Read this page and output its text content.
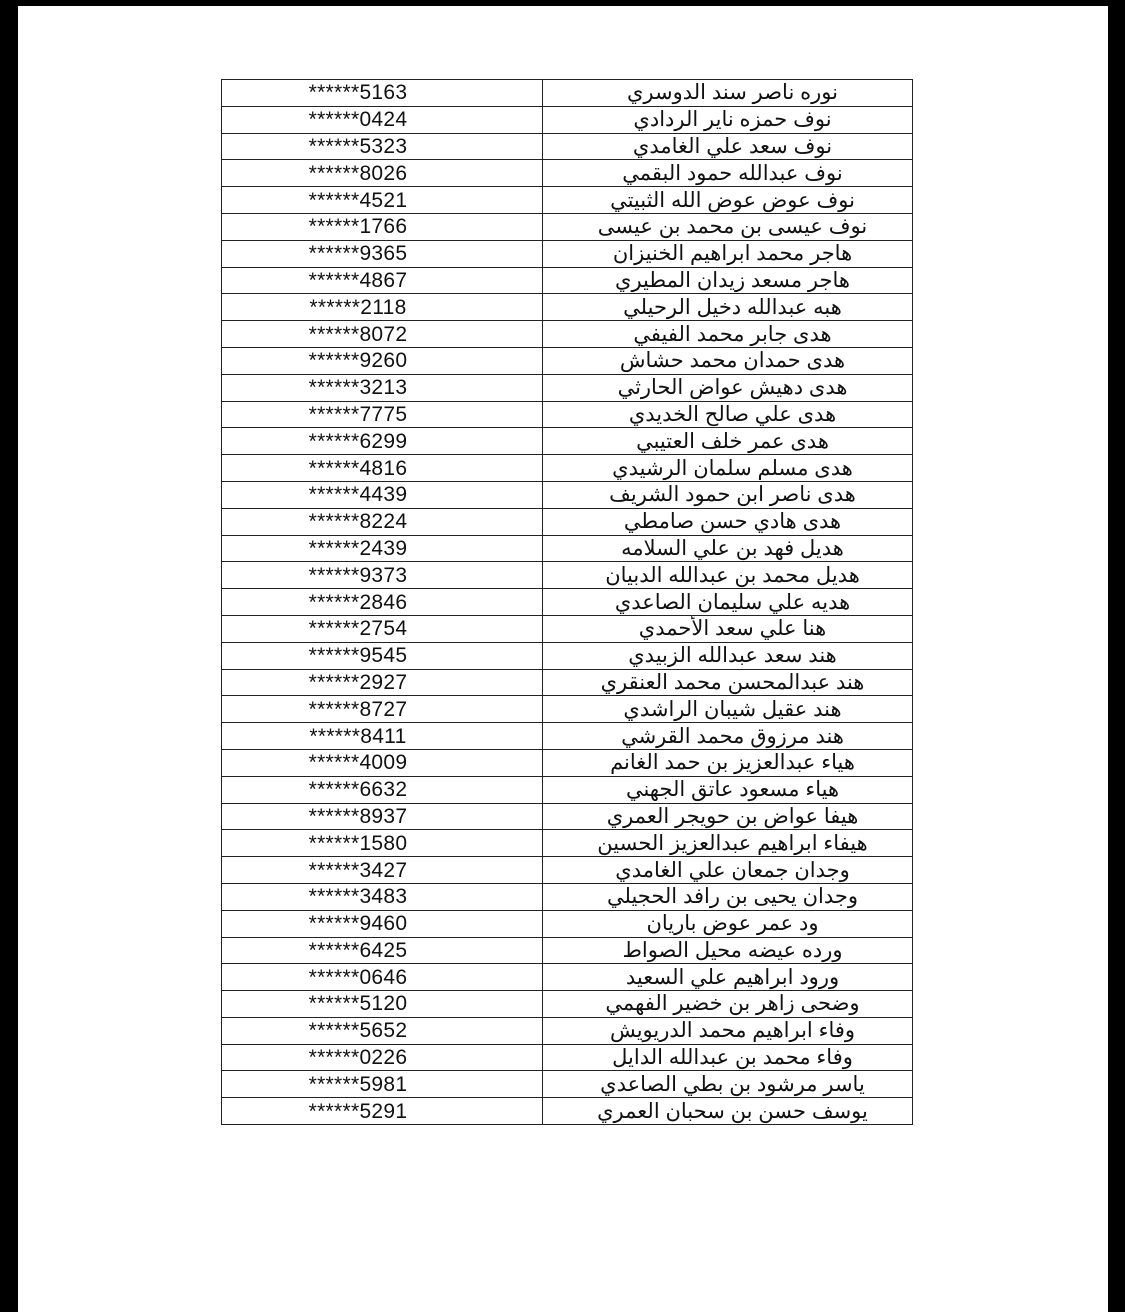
******5163	نوره ناصر سند الدوسري
******0424	نوف حمزه ناير الردادي
******5323	نوف سعد علي الغامدي
******8026	نوف عبدالله حمود البقمي
******4521	نوف عوض عوض الله الثبيتي
******1766	نوف عيسى بن محمد بن عيسى
******9365	هاجر محمد ابراهيم الخنيزان
******4867	هاجر مسعد زيدان المطيري
******2118	هبه عبدالله دخيل الرحيلي
******8072	هدى جابر محمد الفيفي
******9260	هدى حمدان محمد حشاش
******3213	هدى دهيش عواض الحارثي
******7775	هدى علي صالح الخديدي
******6299	هدى عمر خلف العتيبي
******4816	هدى مسلم سلمان الرشيدي
******4439	هدى ناصر ابن حمود الشريف
******8224	هدى هادي حسن صامطي
******2439	هديل فهد بن علي السلامه
******9373	هديل محمد بن عبدالله الدبيان
******2846	هديه علي سليمان الصاعدي
******2754	هنا علي سعد الأحمدي
******9545	هند سعد عبدالله الزبيدي
******2927	هند عبدالمحسن محمد العنقري
******8727	هند عقيل شيبان الراشدي
******8411	هند مرزوق محمد القرشي
******4009	هياء عبدالعزيز بن حمد الغانم
******6632	هياء مسعود عاتق الجهني
******8937	هيفا عواض بن حويجر العمري
******1580	هيفاء ابراهيم عبدالعزيز الحسين
******3427	وجدان جمعان علي الغامدي
******3483	وجدان يحيى بن رافد الحجيلي
******9460	ود عمر عوض باريان
******6425	ورده عيضه محيل الصواط
******0646	ورود ابراهيم علي السعيد
******5120	وضحى زاهر بن خضير الفهمي
******5652	وفاء ابراهيم محمد الدريويش
******0226	وفاء محمد بن عبدالله الدايل
******5981	ياسر مرشود بن بطي الصاعدي
******5291	يوسف حسن بن سحبان العمري
